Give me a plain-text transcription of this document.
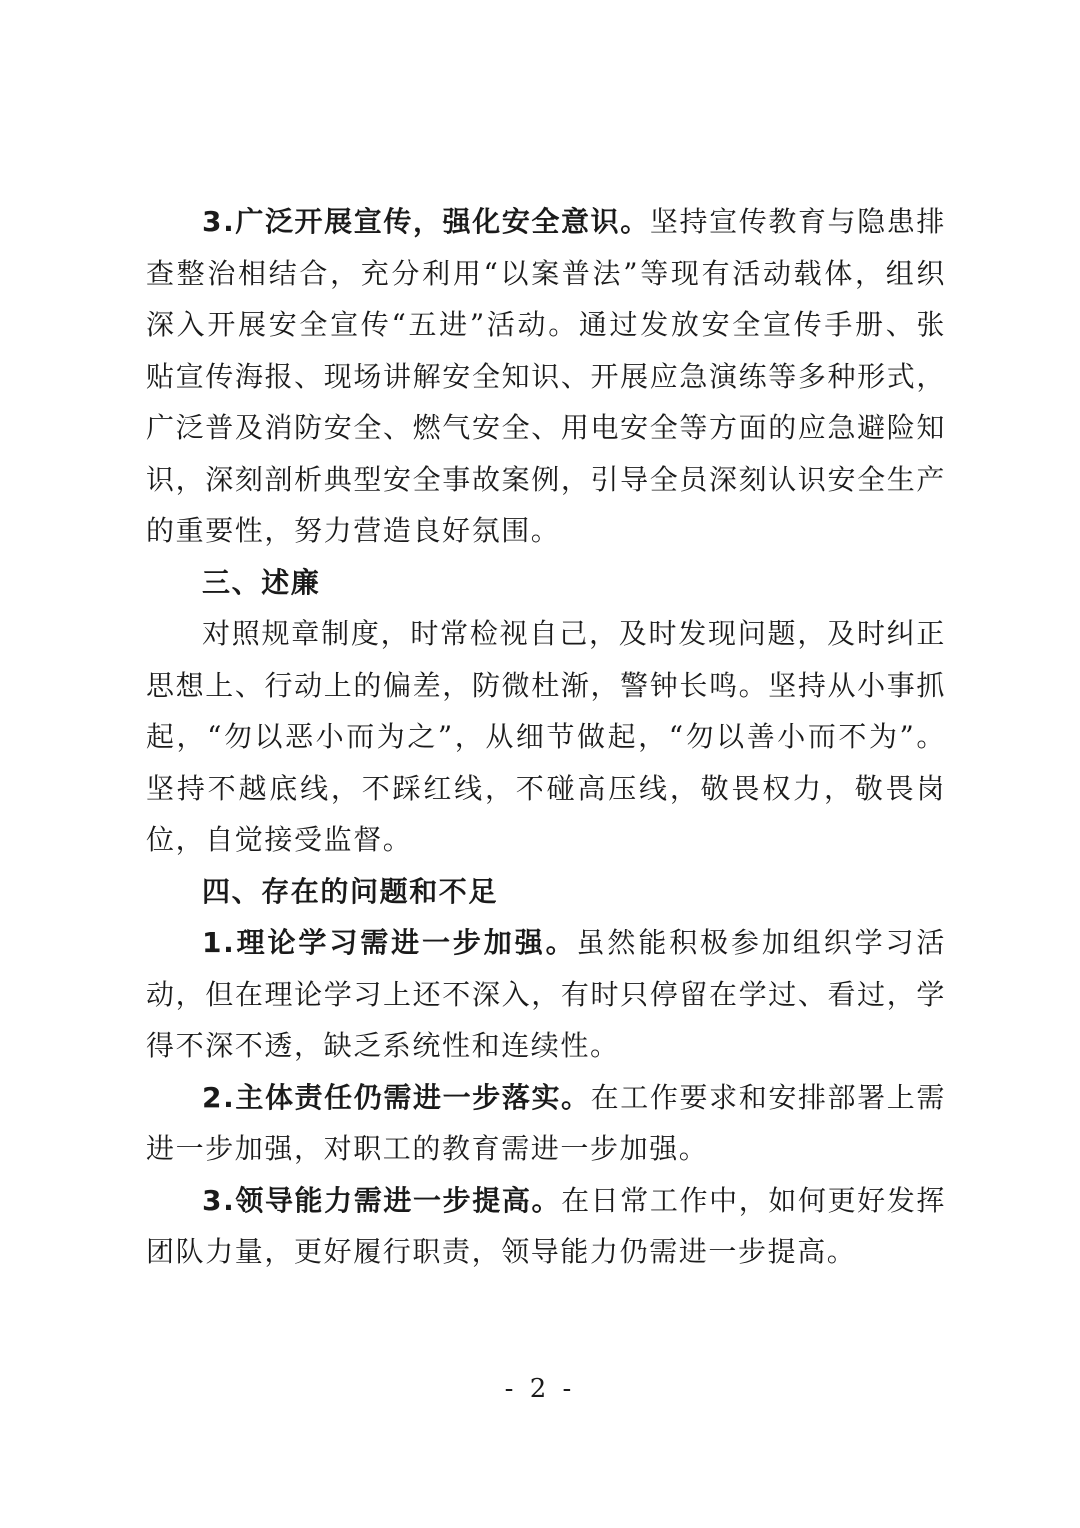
3.广泛开展宣传，强化安全意识。坚持宣传教育与隐患排查整治相结合，充分利用“以案普法”等现有活动载体，组织深入开展安全宣传“五进”活动。通过发放安全宣传手册、张贴宣传海报、现场讲解安全知识、开展应急演练等多种形式，广泛普及消防安全、燃气安全、用电安全等方面的应急避险知识，深刻剖析典型安全事故案例，引导全员深刻认识安全生产的重要性，努力营造良好氛围。

三、述廉

对照规章制度，时常检视自己，及时发现问题，及时纠正思想上、行动上的偏差，防微杜渐，警钟长鸣。坚持从小事抓起，“勿以恶小而为之”，从细节做起，“勿以善小而不为”。坚持不越底线，不踩红线，不碰高压线，敬畏权力，敬畏岗位，自觉接受监督。

四、存在的问题和不足

1.理论学习需进一步加强。虽然能积极参加组织学习活动，但在理论学习上还不深入，有时只停留在学过、看过，学得不深不透，缺乏系统性和连续性。

2.主体责任仍需进一步落实。在工作要求和安排部署上需进一步加强，对职工的教育需进一步加强。

3.领导能力需进一步提高。在日常工作中，如何更好发挥团队力量，更好履行职责，领导能力仍需进一步提高。

- 2 -
